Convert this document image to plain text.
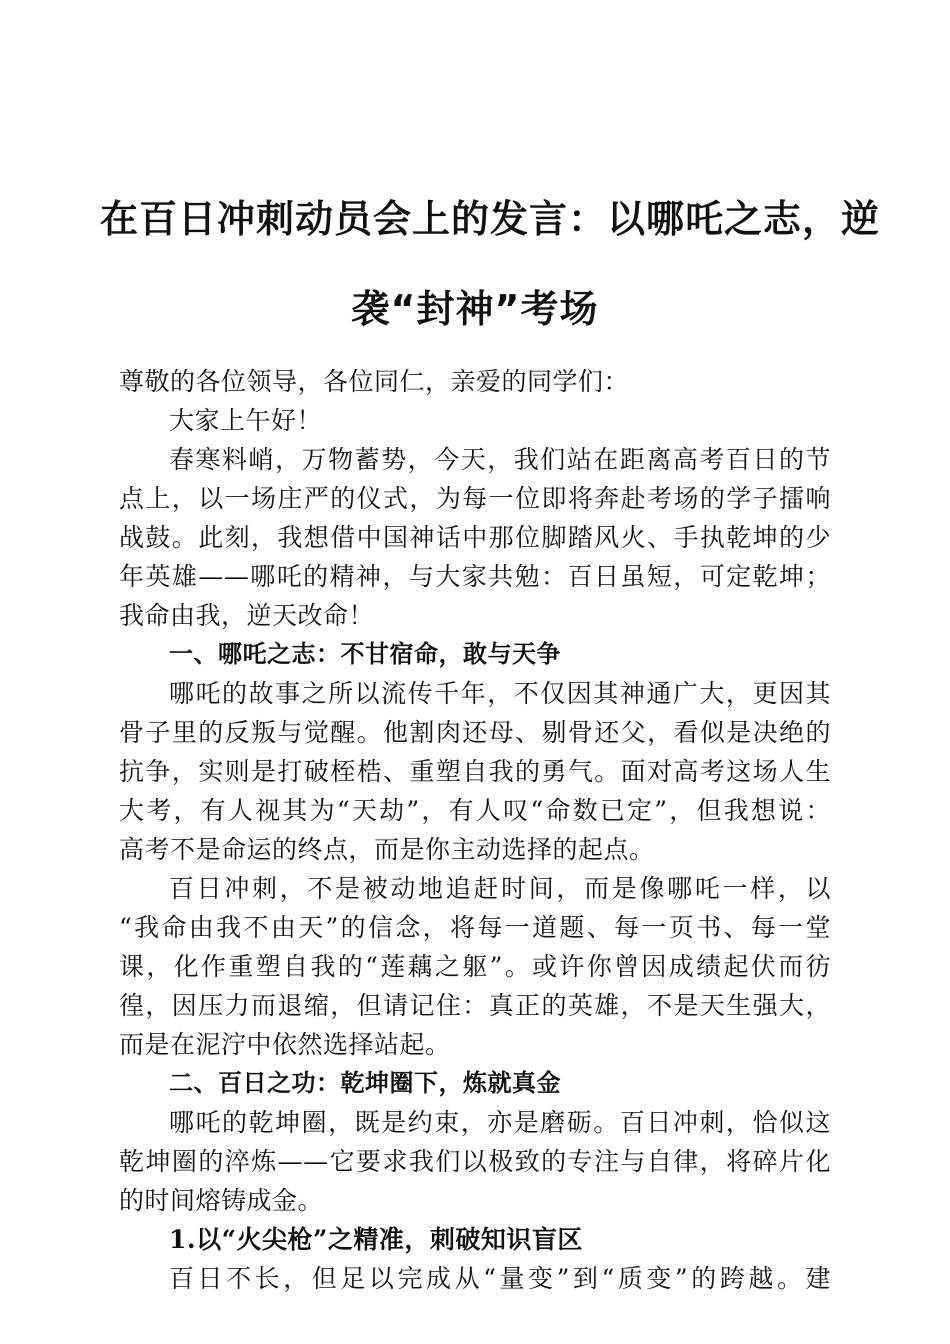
在百日冲刺动员会上的发言：以哪吒之志，逆
袭“封神”考场
尊敬的各位领导，各位同仁，亲爱的同学们：
大家上午好！
春寒料峭，万物蓄势，今天，我们站在距离高考百日的节
点上，以一场庄严的仪式，为每一位即将奔赴考场的学子擂响
战鼓。此刻，我想借中国神话中那位脚踏风火、手执乾坤的少
年英雄——哪吒的精神，与大家共勉：百日虽短，可定乾坤；
我命由我，逆天改命！
一、哪吒之志：不甘宿命，敢与天争
哪吒的故事之所以流传千年，不仅因其神通广大，更因其
骨子里的反叛与觉醒。他割肉还母、剔骨还父，看似是决绝的
抗争，实则是打破桎梏、重塑自我的勇气。面对高考这场人生
大考，有人视其为“天劫”，有人叹“命数已定”，但我想说：
高考不是命运的终点，而是你主动选择的起点。
百日冲刺，不是被动地追赶时间，而是像哪吒一样，以
“我命由我不由天”的信念，将每一道题、每一页书、每一堂
课，化作重塑自我的“莲藕之躯”。或许你曾因成绩起伏而彷
徨，因压力而退缩，但请记住：真正的英雄，不是天生强大，
而是在泥泞中依然选择站起。
二、百日之功：乾坤圈下，炼就真金
哪吒的乾坤圈，既是约束，亦是磨砺。百日冲刺，恰似这
乾坤圈的淬炼——它要求我们以极致的专注与自律，将碎片化
的时间熔铸成金。
1.以“火尖枪”之精准，刺破知识盲区
百日不长，但足以完成从“量变”到“质变”的跨越。建
